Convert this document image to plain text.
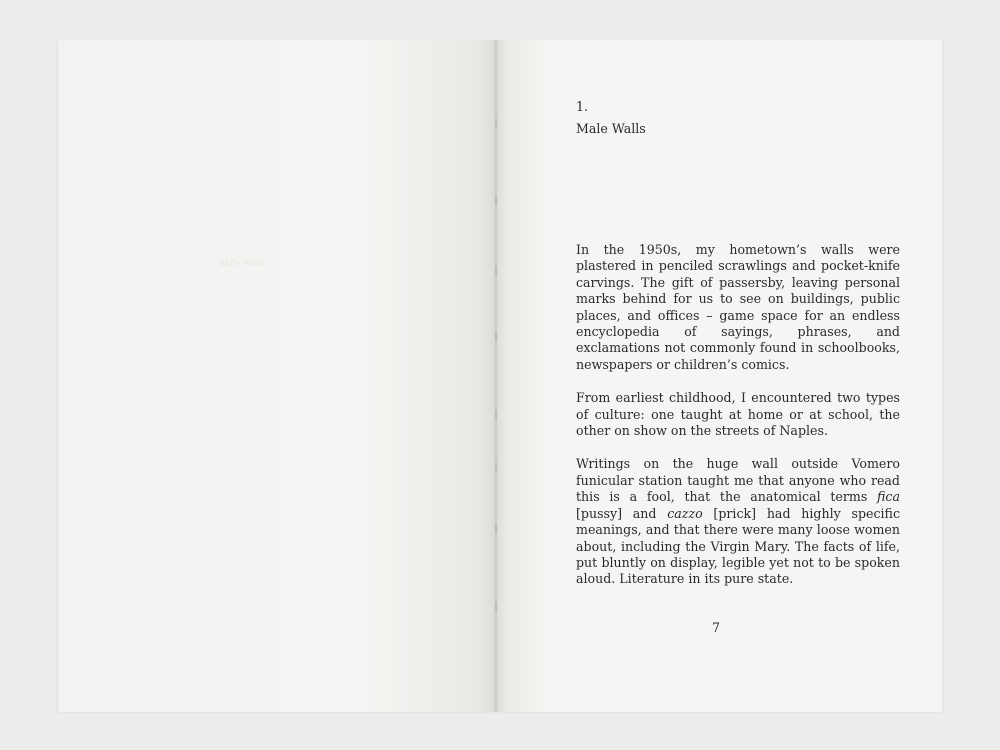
Male Walls

1.

Male Walls

In the 1950s, my hometown’s walls were plastered in penciled scrawlings and pocket-knife carvings. The gift of passersby, leaving personal marks behind for us to see on buildings, public places, and offices – game space for an endless encyclopedia of sayings, phrases, and exclamations not commonly found in schoolbooks, newspapers or children’s comics.

From earliest childhood, I encountered two types of culture: one taught at home or at school, the other on show on the streets of Naples.

Writings on the huge wall outside Vomero funicular station taught me that anyone who read this is a fool, that the anatomical terms fica [pussy] and cazzo [prick] had highly specific meanings, and that there were many loose women about, including the Virgin Mary. The facts of life, put bluntly on display, legible yet not to be spoken aloud. Literature in its pure state.

7
